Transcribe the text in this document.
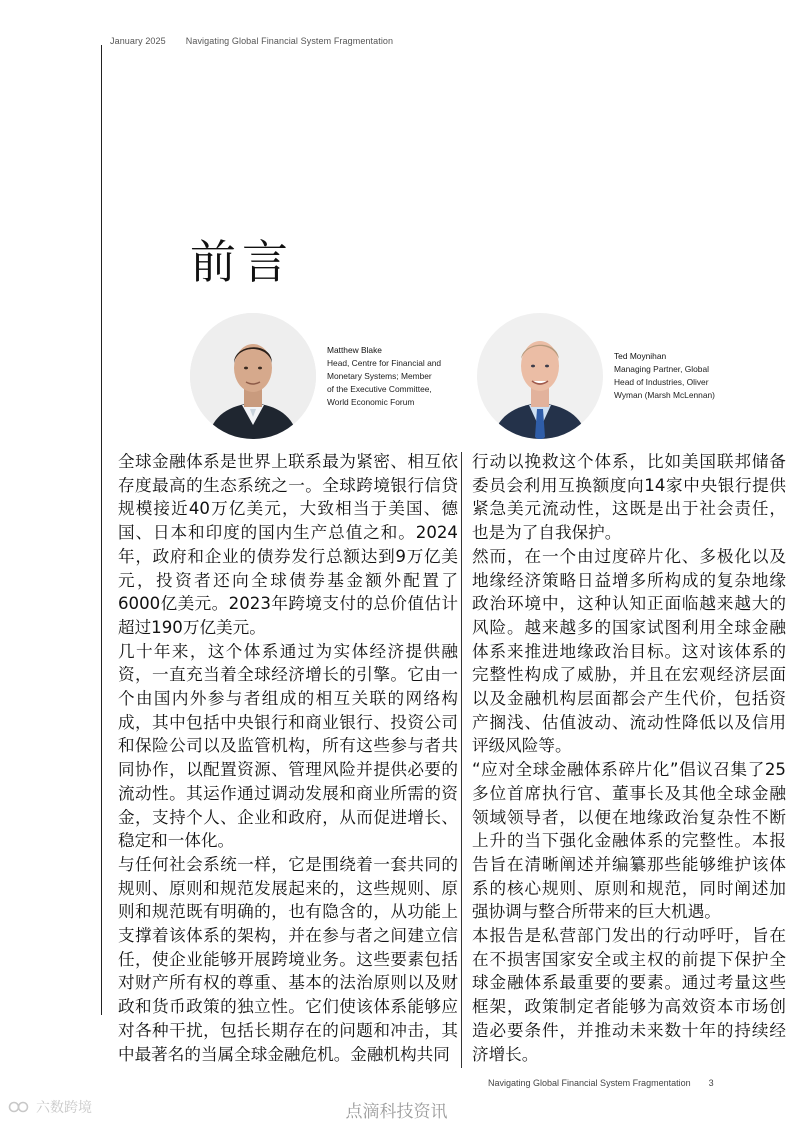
January 2025 Navigating Global Financial System Fragmentation
前言
Matthew Blake
Head, Centre for Financial and
Monetary Systems; Member
of the Executive Committee,
World Economic Forum
Ted Moynihan
Managing Partner, Global
Head of Industries, Oliver
Wyman (Marsh McLennan)

全球金融体系是世界上联系最为紧密、相互依存度最高的生态系统之一。全球跨境银行信贷规模接近40万亿美元，大致相当于美国、德国、日本和印度的国内生产总值之和。2024年，政府和企业的债券发行总额达到9万亿美元，投资者还向全球债券基金额外配置了6000亿美元。2023年跨境支付的总价值估计超过190万亿美元。

几十年来，这个体系通过为实体经济提供融资，一直充当着全球经济增长的引擎。它由一个由国内外参与者组成的相互关联的网络构成，其中包括中央银行和商业银行、投资公司和保险公司以及监管机构，所有这些参与者共同协作，以配置资源、管理风险并提供必要的流动性。其运作通过调动发展和商业所需的资金，支持个人、企业和政府，从而促进增长、稳定和一体化。

与任何社会系统一样，它是围绕着一套共同的规则、原则和规范发展起来的，这些规则、原则和规范既有明确的，也有隐含的，从功能上支撑着该体系的架构，并在参与者之间建立信任，使企业能够开展跨境业务。这些要素包括对财产所有权的尊重、基本的法治原则以及财政和货币政策的独立性。它们使该体系能够应对各种干扰，包括长期存在的问题和冲击，其中最著名的当属全球金融危机。金融机构共同

行动以挽救这个体系，比如美国联邦储备委员会利用互换额度向14家中央银行提供紧急美元流动性，这既是出于社会责任，也是为了自我保护。

然而，在一个由过度碎片化、多极化以及地缘经济策略日益增多所构成的复杂地缘政治环境中，这种认知正面临越来越大的风险。越来越多的国家试图利用全球金融体系来推进地缘政治目标。这对该体系的完整性构成了威胁，并且在宏观经济层面以及金融机构层面都会产生代价，包括资产搁浅、估值波动、流动性降低以及信用评级风险等。

“应对全球金融体系碎片化”倡议召集了25多位首席执行官、董事长及其他全球金融领域领导者，以便在地缘政治复杂性不断上升的当下强化金融体系的完整性。本报告旨在清晰阐述并编纂那些能够维护该体系的核心规则、原则和规范，同时阐述加强协调与整合所带来的巨大机遇。

本报告是私营部门发出的行动呼吁，旨在在不损害国家安全或主权的前提下保护全球金融体系最重要的要素。通过考量这些框架，政策制定者能够为高效资本市场创造必要条件，并推动未来数十年的持续经济增长。

Navigating Global Financial System Fragmentation 3
六数跨境	点滴科技资讯
